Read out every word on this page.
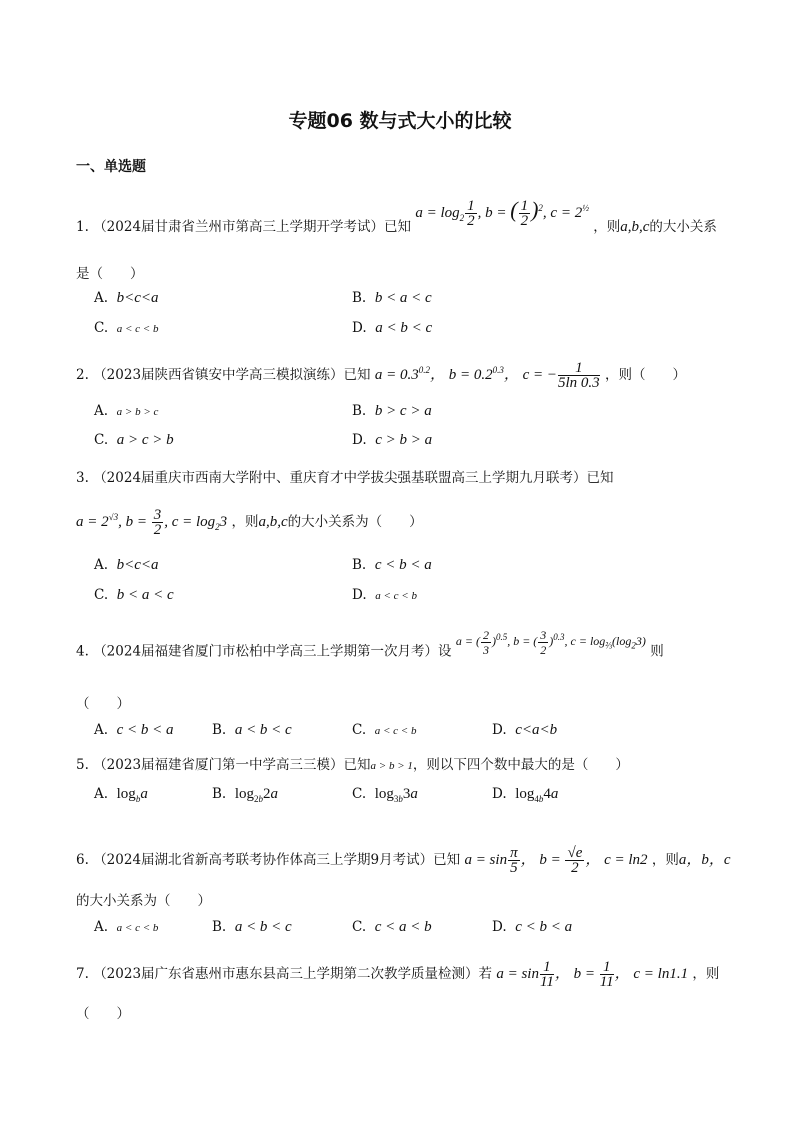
专题06 数与式大小的比较
一、单选题
1. （2024届甘肃省兰州市第高三上学期开学考试）已知 $a = \log_2 \frac{1}{2}$ , b = ( $\frac{1}{2} )^2$, $c = 2^{\frac{1}{2}}$ ，则a,b,c的大小关系
是（　　）
A. b<c<a	B. b < a < c
C. a < c < b	D. a < b < c
2. （2023届陕西省镇安中学高三模拟演练）已知 $a = 0.3^{0.2}$， $b = 0.2^{0.3}$， c = − $\frac{1}{5\ln 0.3}$ ，则（　　）
A. a > b > c	B. b > c > a
C. a > c > b	D. c > b > a
3. （2024届重庆市西南大学附中、重庆育才中学拔尖强基联盟高三上学期九月联考）已知
$a = 2^{√3}$, $b = \frac{3}{2}$ , $c = \log_23$ ，则a,b,c的大小关系为（　　）
A. b<c<a	B. c < b < a
C. b < a < c	D. a < c < b
4. （2024届福建省厦门市松柏中学高三上学期第一次月考）设 a = ( $\frac{2}{3} )^{0.5}$, b = ( $\frac{3}{2} )^{0.3}$, $c = \log_{\frac{2}{3}}(\log_23)$ 则
（　　）
A. c < b < a	B. a < b < c	C. a < c < b	D. c<a<b
5. （2023届福建省厦门第一中学高三三模）已知a > b > 1，则以下四个数中最大的是（　　）
A. $\log_ba$	B. $\log_{2b}2a$	C. $\log_{3b}3a$	D. $\log_{4b}4a$
6. （2024届湖北省新高考联考协作体高三上学期9月考试）已知 $a = \sin \frac{\pi}{5}$ ， $b = \frac{√e}{2}$ ， c = ln2 ，则a，b，c
的大小关系为（　　）
A. a < c < b	B. a < b < c	C. c < a < b	D. c < b < a
7. （2023届广东省惠州市惠东县高三上学期第二次教学质量检测）若 $a = \sin \frac{1}{11}$ ， $b = \frac{1}{11}$ ， c = ln1.1 ，则
（　　）
